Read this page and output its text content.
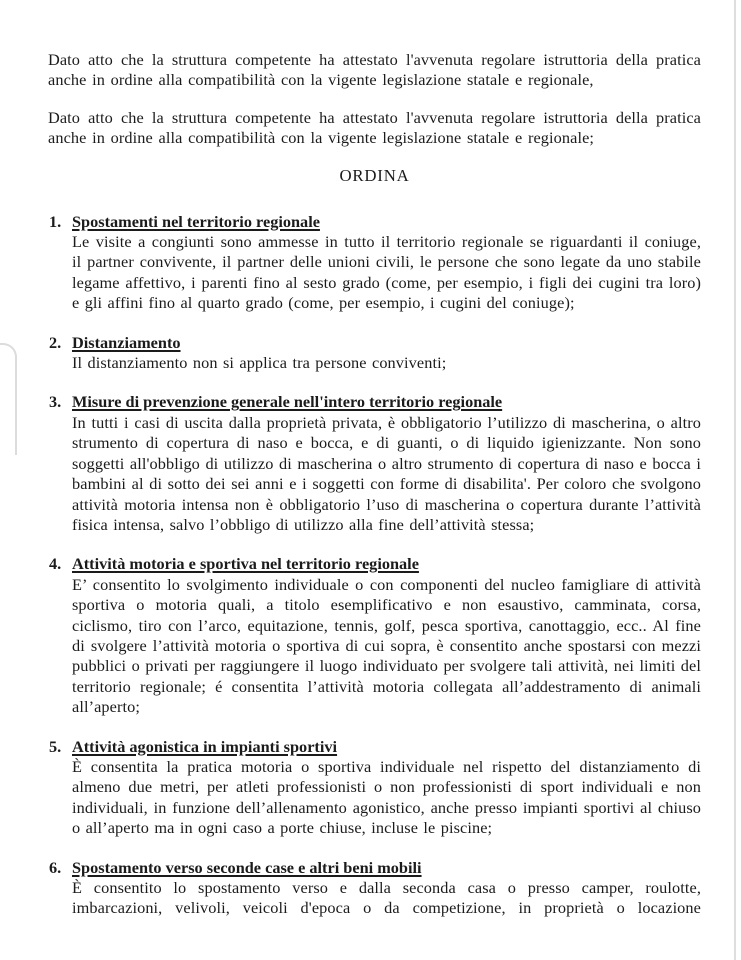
Dato atto che la struttura competente ha attestato l'avvenuta regolare istruttoria della pratica anche in ordine alla compatibilità con la vigente legislazione statale e regionale,

Dato atto che la struttura competente ha attestato l'avvenuta regolare istruttoria della pratica anche in ordine alla compatibilità con la vigente legislazione statale e regionale;

ORDINA
1. Spostamenti nel territorio regionale
Le visite a congiunti sono ammesse in tutto il territorio regionale se riguardanti il coniuge, il partner convivente, il partner delle unioni civili, le persone che sono legate da uno stabile legame affettivo, i parenti fino al sesto grado (come, per esempio, i figli dei cugini tra loro) e gli affini fino al quarto grado (come, per esempio, i cugini del coniuge);
2. Distanziamento
Il distanziamento non si applica tra persone conviventi;
3. Misure di prevenzione generale nell'intero territorio regionale
In tutti i casi di uscita dalla proprietà privata, è obbligatorio l’utilizzo di mascherina, o altro strumento di copertura di naso e bocca, e di guanti, o di liquido igienizzante. Non sono soggetti all'obbligo di utilizzo di mascherina o altro strumento di copertura di naso e bocca i bambini al di sotto dei sei anni e i soggetti con forme di disabilita'. Per coloro che svolgono attività motoria intensa non è obbligatorio l’uso di mascherina o copertura durante l’attività fisica intensa, salvo l’obbligo di utilizzo alla fine dell’attività stessa;
4. Attività motoria e sportiva nel territorio regionale
E’ consentito lo svolgimento individuale o con componenti del nucleo famigliare di attività sportiva o motoria quali, a titolo esemplificativo e non esaustivo, camminata, corsa, ciclismo, tiro con l’arco, equitazione, tennis, golf, pesca sportiva, canottaggio, ecc.. Al fine di svolgere l’attività motoria o sportiva di cui sopra, è consentito anche spostarsi con mezzi pubblici o privati per raggiungere il luogo individuato per svolgere tali attività, nei limiti del territorio regionale; é consentita l’attività motoria collegata all’addestramento di animali all’aperto;
5. Attività agonistica in impianti sportivi
È consentita la pratica motoria o sportiva individuale nel rispetto del distanziamento di almeno due metri, per atleti professionisti o non professionisti di sport individuali e non individuali, in funzione dell’allenamento agonistico, anche presso impianti sportivi al chiuso o all’aperto ma in ogni caso a porte chiuse, incluse le piscine;
6. Spostamento verso seconde case e altri beni mobili
È consentito lo spostamento verso e dalla seconda casa o presso camper, roulotte, imbarcazioni, velivoli, veicoli d'epoca o da competizione, in proprietà o locazione
